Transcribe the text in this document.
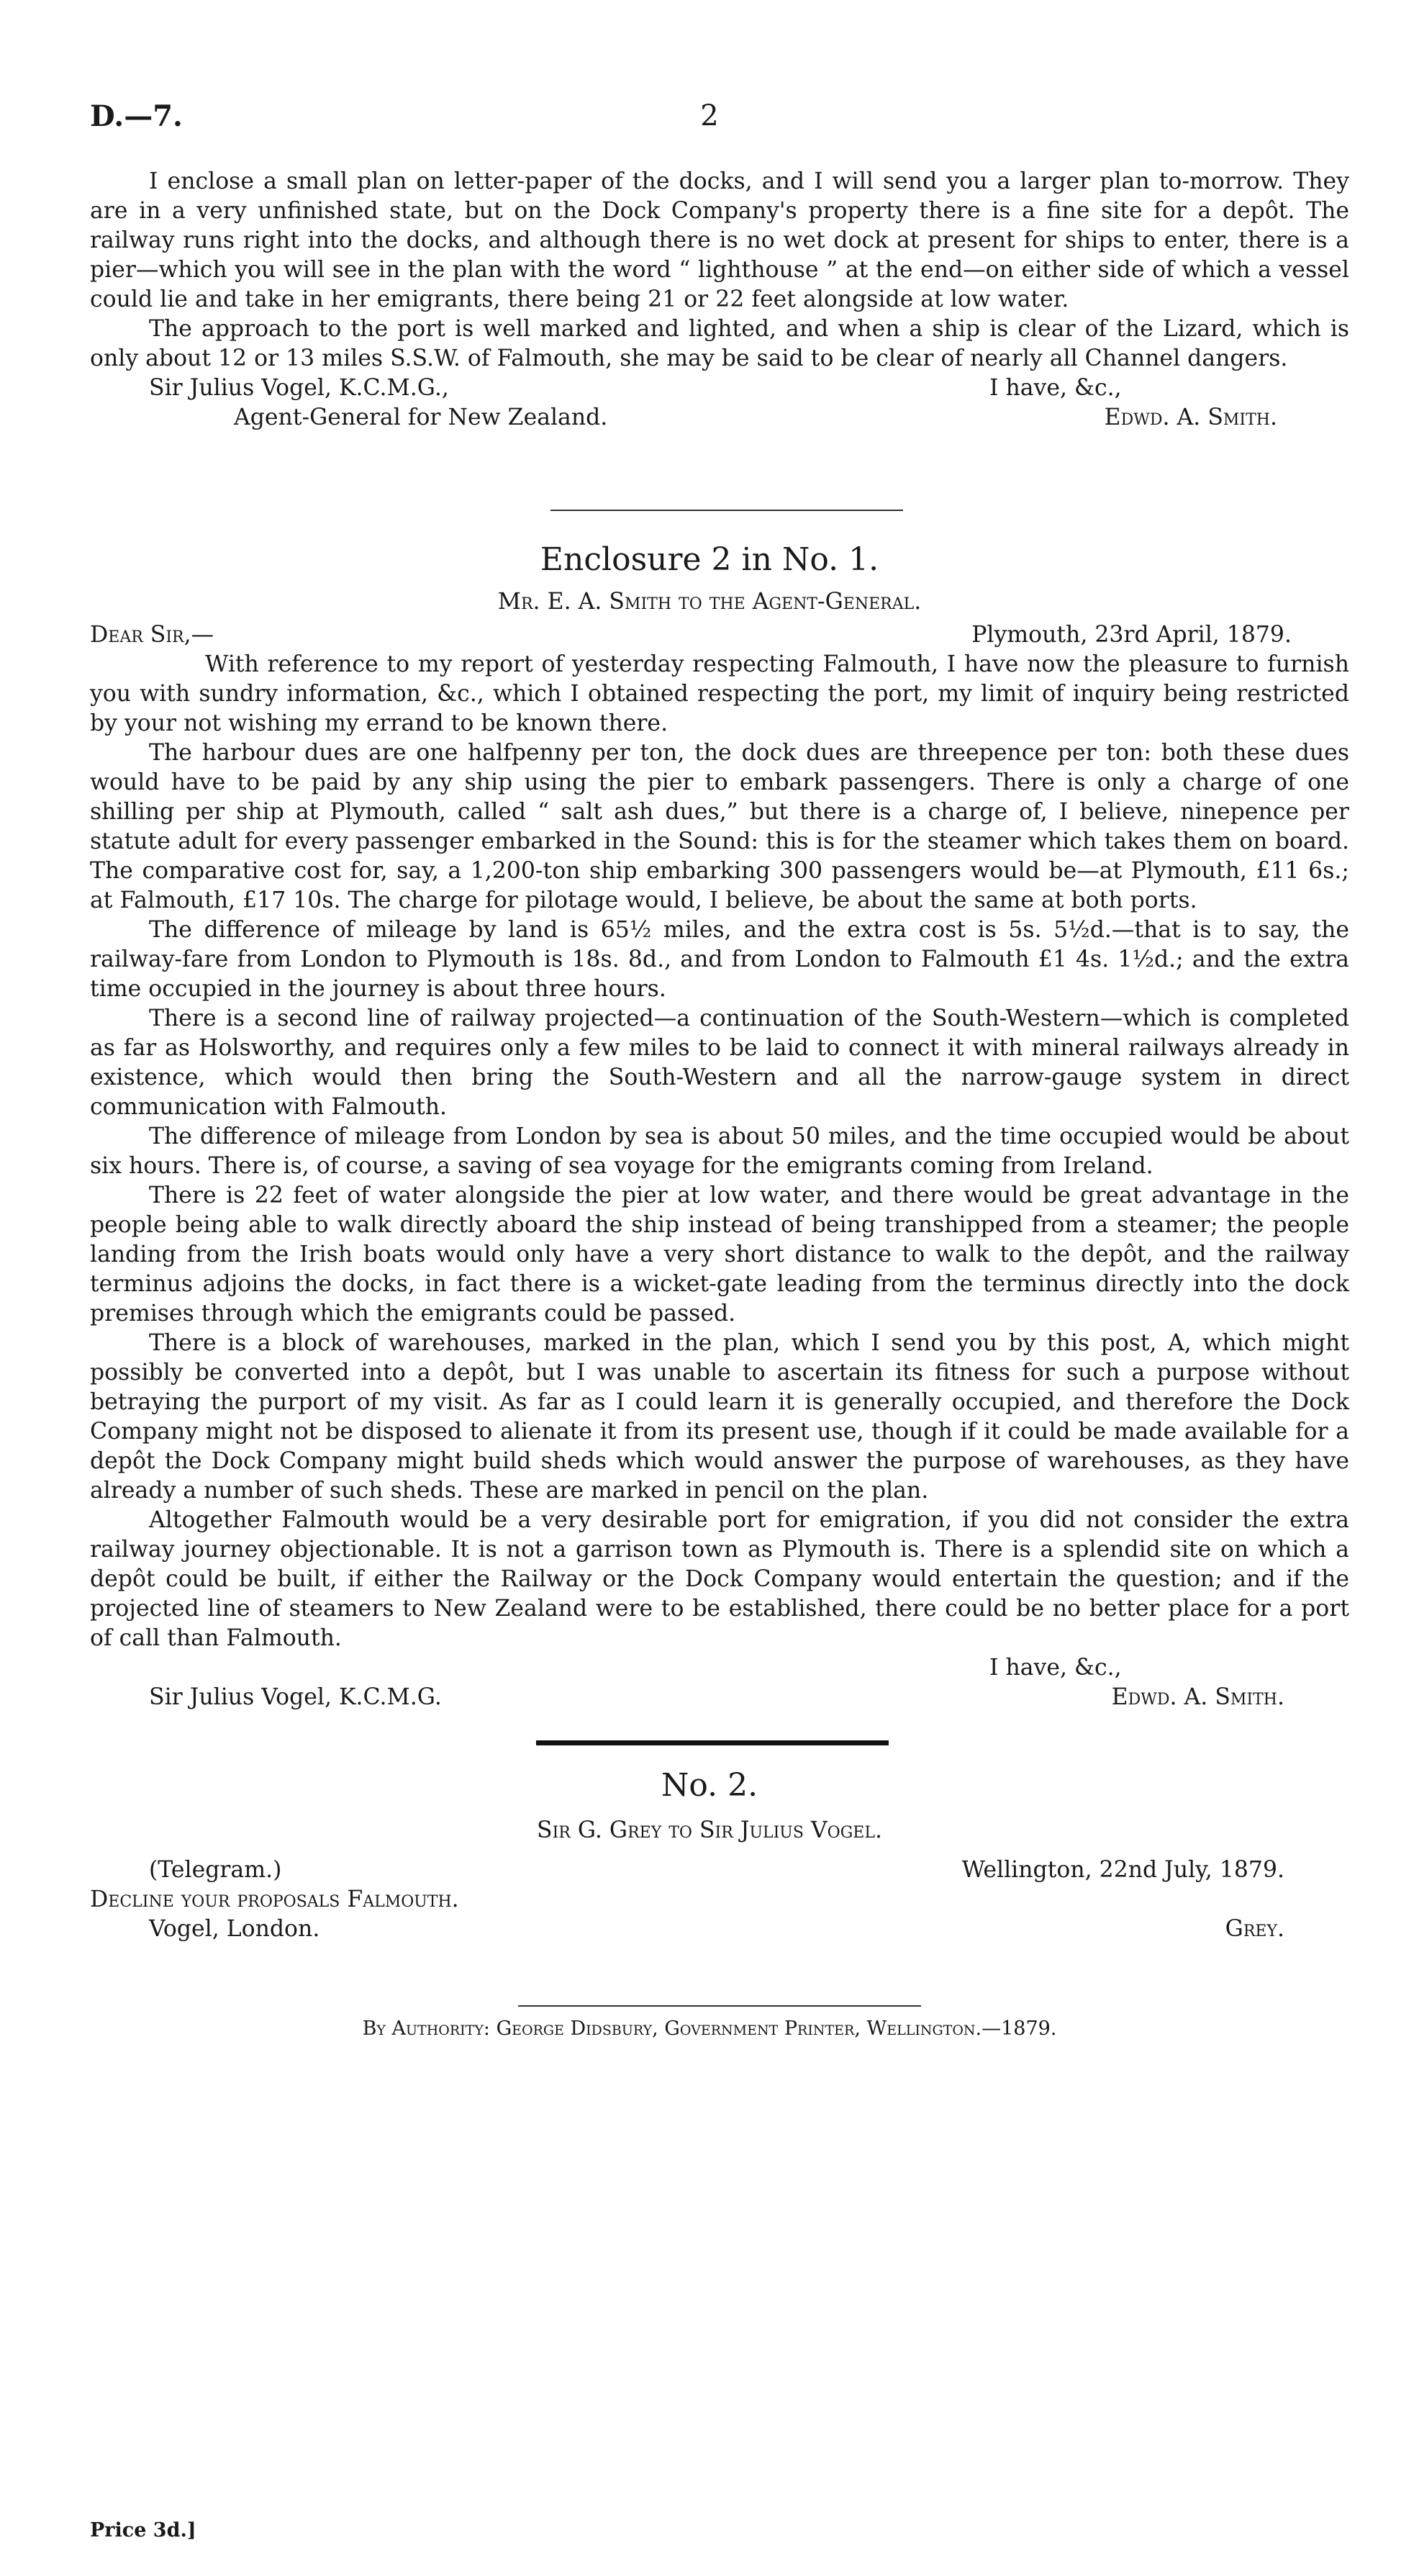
D.—7.	2

I enclose a small plan on letter-paper of the docks, and I will send you a larger plan to-morrow. They are in a very unfinished state, but on the Dock Company's property there is a fine site for a depôt. The railway runs right into the docks, and although there is no wet dock at present for ships to enter, there is a pier—which you will see in the plan with the word “ lighthouse ” at the end—on either side of which a vessel could lie and take in her emigrants, there being 21 or 22 feet alongside at low water.

The approach to the port is well marked and lighted, and when a ship is clear of the Lizard, which is only about 12 or 13 miles S.S.W. of Falmouth, she may be said to be clear of nearly all Channel dangers.

Sir Julius Vogel, K.C.M.G.,	I have, &c.,
Agent-General for New Zealand.	Edwd. A. Smith.
Enclosure 2 in No. 1.
Mr. E. A. Smith to the Agent-General.
Dear Sir,—	Plymouth, 23rd April, 1879.

With reference to my report of yesterday respecting Falmouth, I have now the pleasure to furnish you with sundry information, &c., which I obtained respecting the port, my limit of inquiry being restricted by your not wishing my errand to be known there.

The harbour dues are one halfpenny per ton, the dock dues are threepence per ton: both these dues would have to be paid by any ship using the pier to embark passengers. There is only a charge of one shilling per ship at Plymouth, called “ salt ash dues,” but there is a charge of, I believe, ninepence per statute adult for every passenger embarked in the Sound: this is for the steamer which takes them on board. The comparative cost for, say, a 1,200-ton ship embarking 300 passengers would be—at Plymouth, £11 6s.; at Falmouth, £17 10s. The charge for pilotage would, I believe, be about the same at both ports.

The difference of mileage by land is 65½ miles, and the extra cost is 5s. 5½d.—that is to say, the railway-fare from London to Plymouth is 18s. 8d., and from London to Falmouth £1 4s. 1½d.; and the extra time occupied in the journey is about three hours.

There is a second line of railway projected—a continuation of the South-Western—which is completed as far as Holsworthy, and requires only a few miles to be laid to connect it with mineral railways already in existence, which would then bring the South-Western and all the narrow-gauge system in direct communication with Falmouth.

The difference of mileage from London by sea is about 50 miles, and the time occupied would be about six hours. There is, of course, a saving of sea voyage for the emigrants coming from Ireland.

There is 22 feet of water alongside the pier at low water, and there would be great advantage in the people being able to walk directly aboard the ship instead of being transhipped from a steamer; the people landing from the Irish boats would only have a very short distance to walk to the depôt, and the railway terminus adjoins the docks, in fact there is a wicket-gate leading from the terminus directly into the dock premises through which the emigrants could be passed.

There is a block of warehouses, marked in the plan, which I send you by this post, A, which might possibly be converted into a depôt, but I was unable to ascertain its fitness for such a purpose without betraying the purport of my visit. As far as I could learn it is generally occupied, and therefore the Dock Company might not be disposed to alienate it from its present use, though if it could be made available for a depôt the Dock Company might build sheds which would answer the purpose of warehouses, as they have already a number of such sheds. These are marked in pencil on the plan.

Altogether Falmouth would be a very desirable port for emigration, if you did not consider the extra railway journey objectionable. It is not a garrison town as Plymouth is. There is a splendid site on which a depôt could be built, if either the Railway or the Dock Company would entertain the question; and if the projected line of steamers to New Zealand were to be established, there could be no better place for a port of call than Falmouth.

I have, &c.,
Sir Julius Vogel, K.C.M.G.	Edwd. A. Smith.
No. 2.
Sir G. Grey to Sir Julius Vogel.
(Telegram.)	Wellington, 22nd July, 1879.
Decline your proposals Falmouth.
Vogel, London.	Grey.
By Authority: George Didsbury, Government Printer, Wellington.—1879.
Price 3d.]
